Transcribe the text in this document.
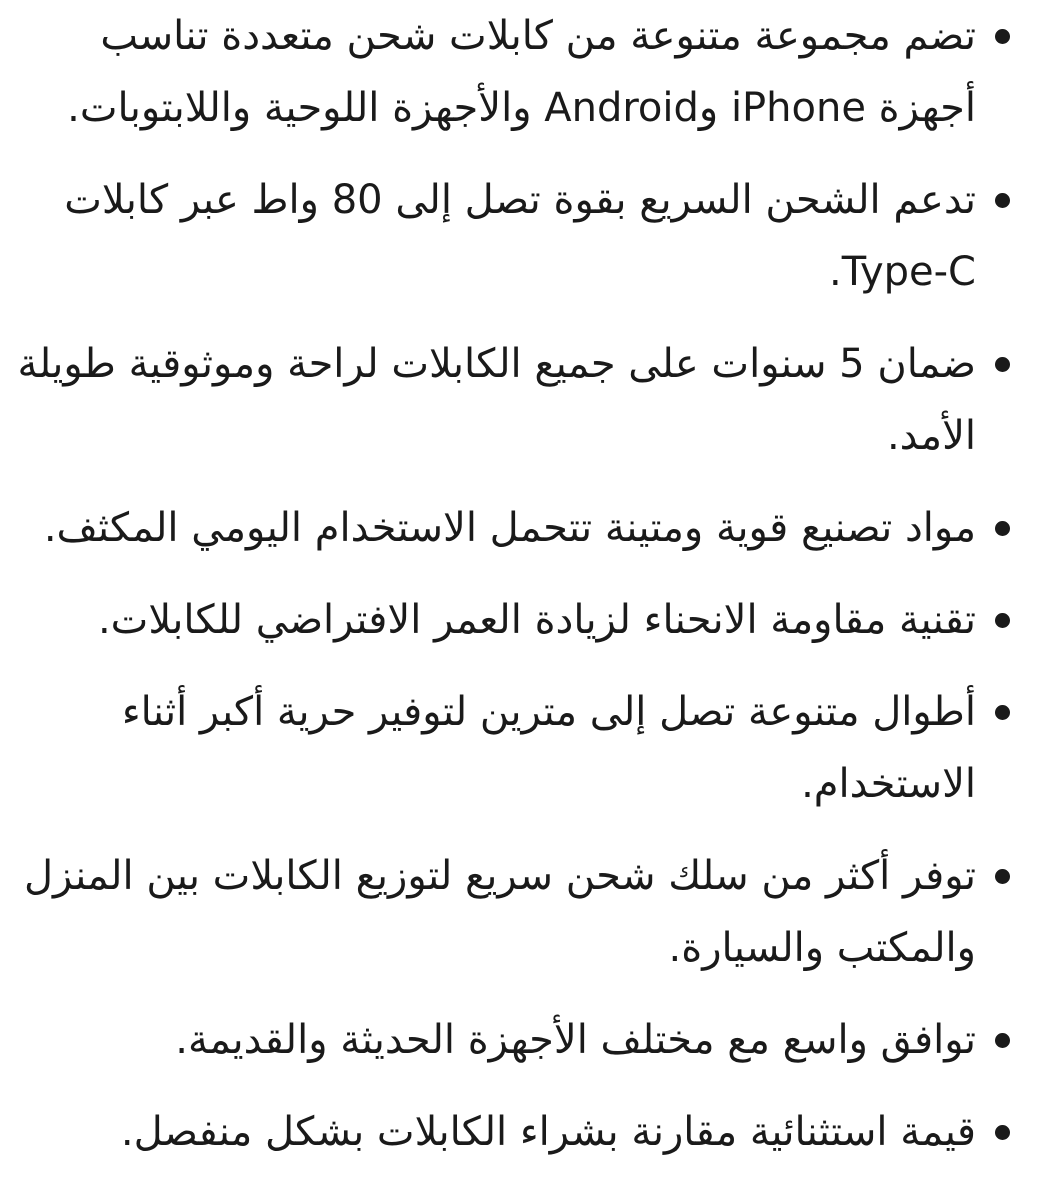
تضم مجموعة متنوعة من كابلات شحن متعددة تناسب أجهزة iPhone وAndroid والأجهزة اللوحية واللابتوبات.
تدعم الشحن السريع بقوة تصل إلى 80 واط عبر كابلات Type-C.
ضمان 5 سنوات على جميع الكابلات لراحة وموثوقية طويلة الأمد.
مواد تصنيع قوية ومتينة تتحمل الاستخدام اليومي المكثف.
تقنية مقاومة الانحناء لزيادة العمر الافتراضي للكابلات.
أطوال متنوعة تصل إلى مترين لتوفير حرية أكبر أثناء الاستخدام.
توفر أكثر من سلك شحن سريع لتوزيع الكابلات بين المنزل والمكتب والسيارة.
توافق واسع مع مختلف الأجهزة الحديثة والقديمة.
قيمة استثنائية مقارنة بشراء الكابلات بشكل منفصل.
